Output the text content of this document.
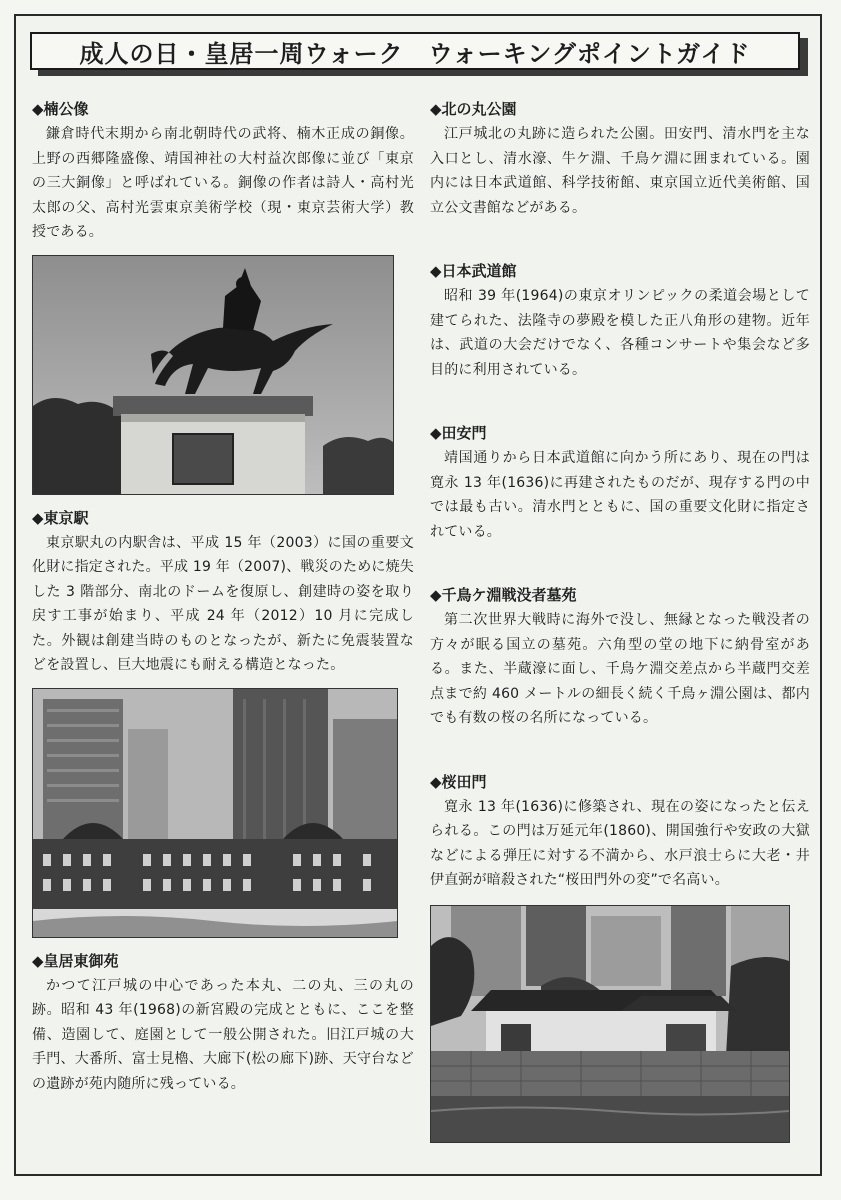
成人の日・皇居一周ウォーク　ウォーキングポイントガイド
◆楠公像

鎌倉時代末期から南北朝時代の武将、楠木正成の銅像。上野の西郷隆盛像、靖国神社の大村益次郎像に並び「東京の三大銅像」と呼ばれている。銅像の作者は詩人・高村光太郎の父、高村光雲東京美術学校（現・東京芸術大学）教授である。

◆東京駅

東京駅丸の内駅舎は、平成 15 年（2003）に国の重要文化財に指定された。平成 19 年（2007)、戦災のために焼失した 3 階部分、南北のドームを復原し、創建時の姿を取り戻す工事が始まり、平成 24 年（2012）10 月に完成した。外観は創建当時のものとなったが、新たに免震装置などを設置し、巨大地震にも耐える構造となった。

◆皇居東御苑

かつて江戸城の中心であった本丸、二の丸、三の丸の跡。昭和 43 年(1968)の新宮殿の完成とともに、ここを整備、造園して、庭園として一般公開された。旧江戸城の大手門、大番所、富士見櫓、大廊下(松の廊下)跡、天守台などの遺跡が苑内随所に残っている。

◆北の丸公園

江戸城北の丸跡に造られた公園。田安門、清水門を主な入口とし、清水濠、牛ケ淵、千鳥ケ淵に囲まれている。園内には日本武道館、科学技術館、東京国立近代美術館、国立公文書館などがある。

◆日本武道館

昭和 39 年(1964)の東京オリンピックの柔道会場として建てられた、法隆寺の夢殿を模した正八角形の建物。近年は、武道の大会だけでなく、各種コンサートや集会など多目的に利用されている。

◆田安門

靖国通りから日本武道館に向かう所にあり、現在の門は寛永 13 年(1636)に再建されたものだが、現存する門の中では最も古い。清水門とともに、国の重要文化財に指定されている。

◆千鳥ケ淵戦没者墓苑

第二次世界大戦時に海外で没し、無縁となった戦没者の方々が眠る国立の墓苑。六角型の堂の地下に納骨室がある。また、半蔵濠に面し、千鳥ケ淵交差点から半蔵門交差点まで約 460 メートルの細長く続く千鳥ヶ淵公園は、都内でも有数の桜の名所になっている。

◆桜田門

寛永 13 年(1636)に修築され、現在の姿になったと伝えられる。この門は万延元年(1860)、開国強行や安政の大獄などによる弾圧に対する不満から、水戸浪士らに大老・井伊直弼が暗殺された“桜田門外の変”で名高い。
